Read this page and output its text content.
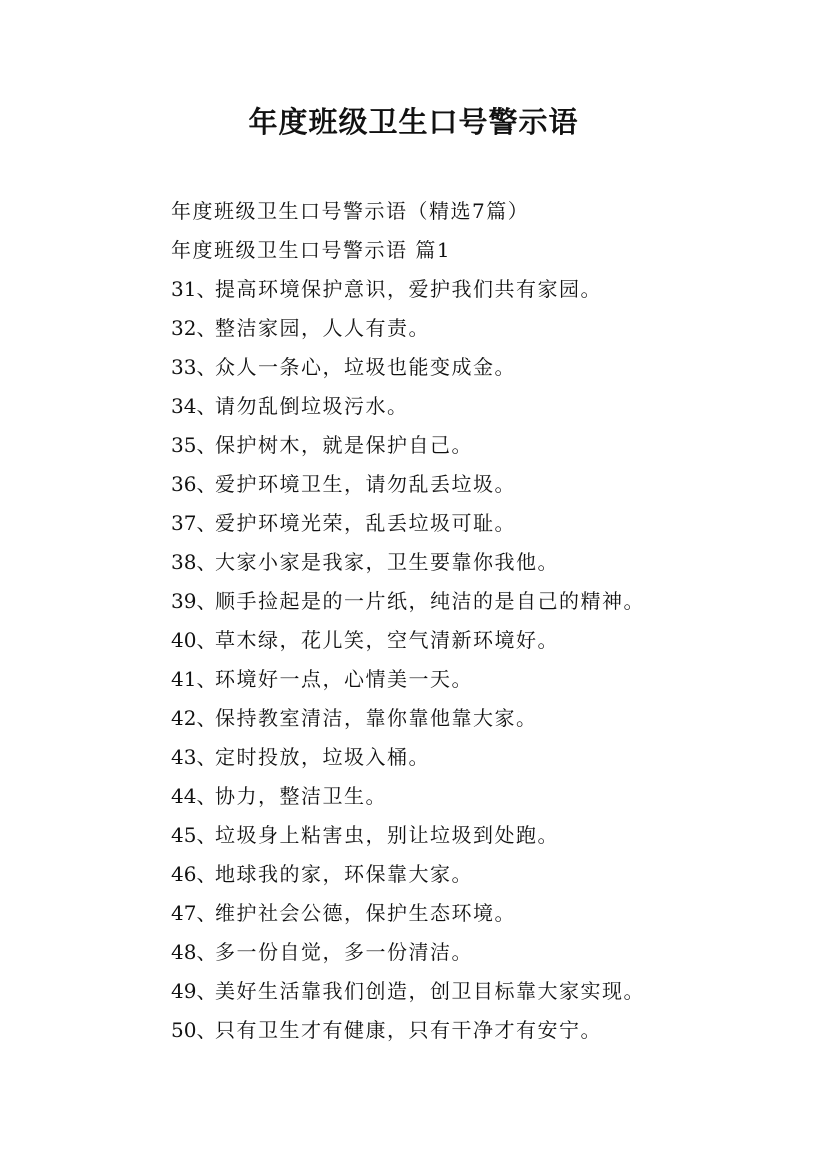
年度班级卫生口号警示语
年度班级卫生口号警示语（精选7篇）
年度班级卫生口号警示语 篇1
31、提高环境保护意识，爱护我们共有家园。
32、整洁家园，人人有责。
33、众人一条心，垃圾也能变成金。
34、请勿乱倒垃圾污水。
35、保护树木，就是保护自己。
36、爱护环境卫生，请勿乱丢垃圾。
37、爱护环境光荣，乱丢垃圾可耻。
38、大家小家是我家，卫生要靠你我他。
39、顺手捡起是的一片纸，纯洁的是自己的精神。
40、草木绿，花儿笑，空气清新环境好。
41、环境好一点，心情美一天。
42、保持教室清洁，靠你靠他靠大家。
43、定时投放，垃圾入桶。
44、协力，整洁卫生。
45、垃圾身上粘害虫，别让垃圾到处跑。
46、地球我的家，环保靠大家。
47、维护社会公德，保护生态环境。
48、多一份自觉，多一份清洁。
49、美好生活靠我们创造，创卫目标靠大家实现。
50、只有卫生才有健康，只有干净才有安宁。
